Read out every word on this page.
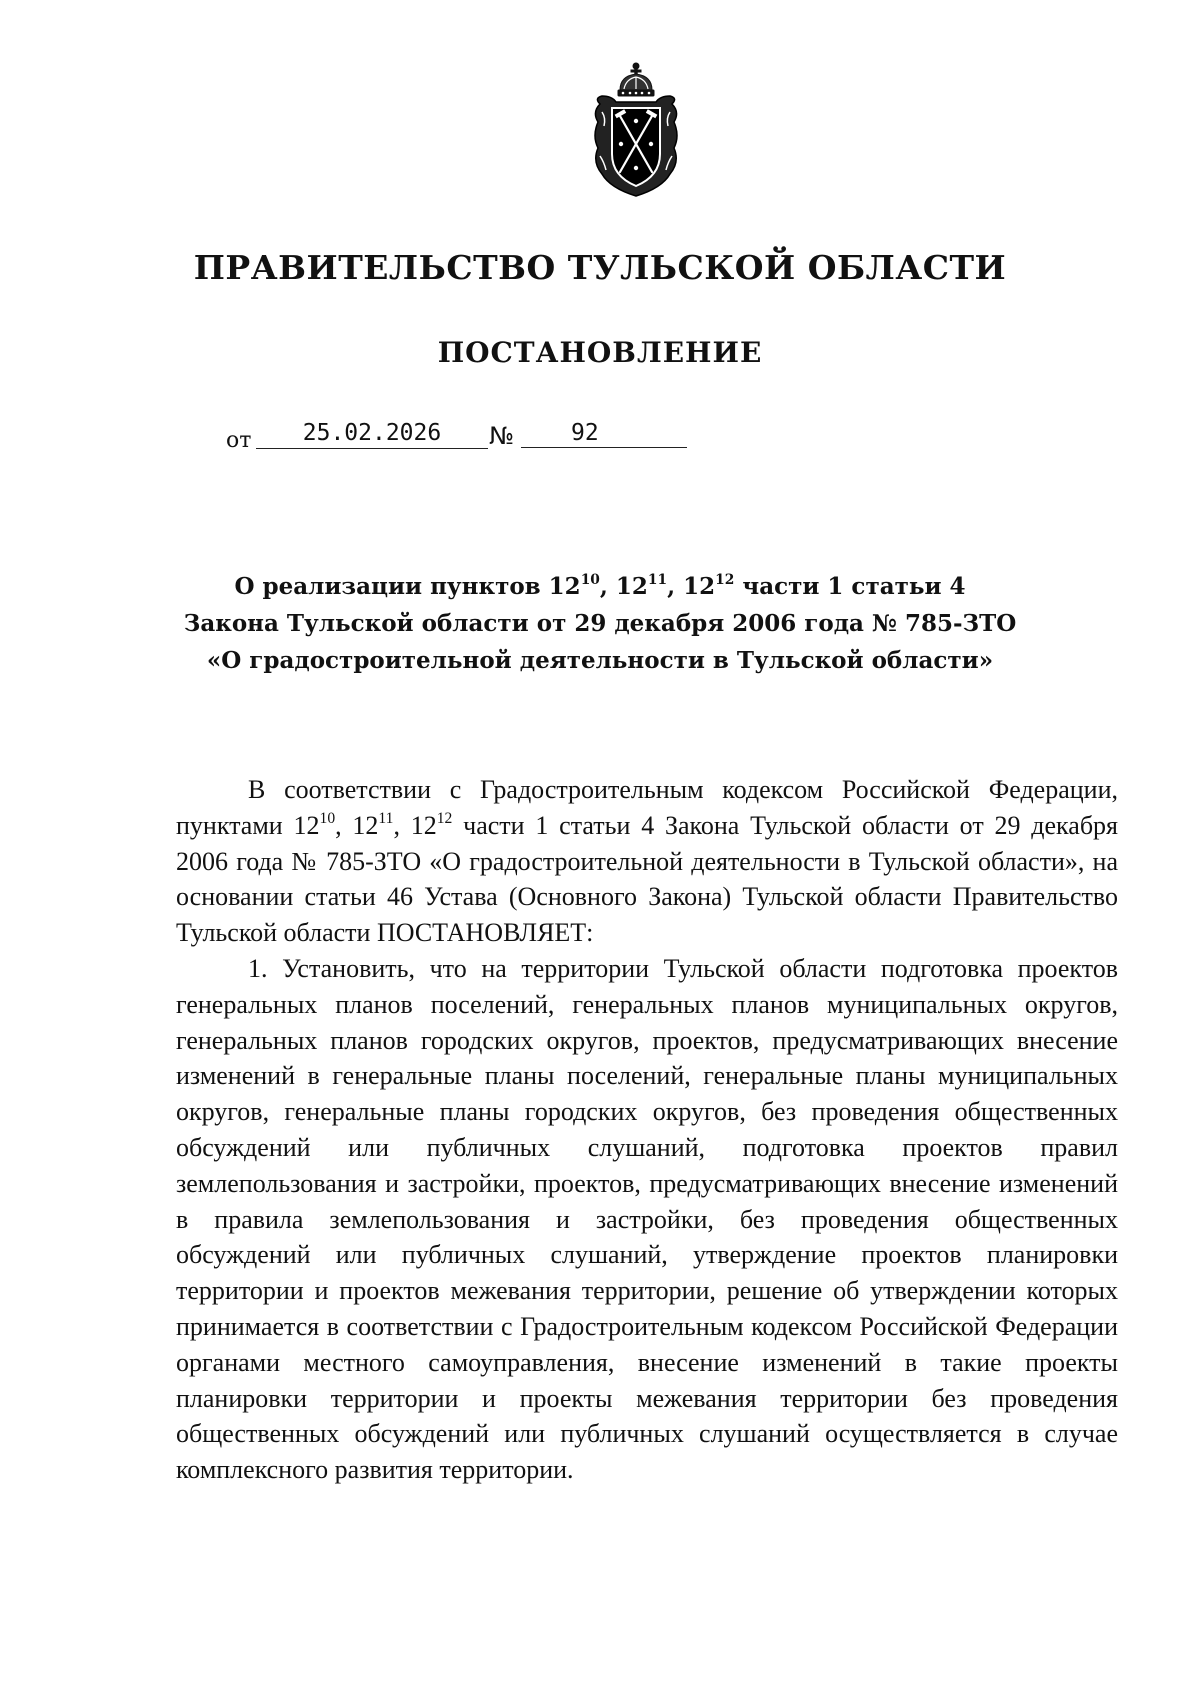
ПРАВИТЕЛЬСТВО ТУЛЬСКОЙ ОБЛАСТИ
ПОСТАНОВЛЕНИЕ
от	25.02.2026	№	92
О реализации пунктов $12^{10}$, $12^{11}$, $12^{12}$ части 1 статьи 4
Закона Тульской области от 29 декабря 2006 года № 785-ЗТО
«О градостроительной деятельности в Тульской области»

В соответствии с Градостроительным кодексом Российской Федерации, пунктами $12^{10}$, $12^{11}$, $12^{12}$ части 1 статьи 4 Закона Тульской области от 29 декабря 2006 года № 785-ЗТО «О градостроительной деятельности в Тульской области», на основании статьи 46 Устава (Основного Закона) Тульской области Правительство Тульской области ПОСТАНОВЛЯЕТ:

1. Установить, что на территории Тульской области подготовка проектов генеральных планов поселений, генеральных планов муниципальных округов, генеральных планов городских округов, проектов, предусматривающих внесение изменений в генеральные планы поселений, генеральные планы муниципальных округов, генеральные планы городских округов, без проведения общественных обсуждений или публичных слушаний, подготовка проектов правил землепользования и застройки, проектов, предусматривающих внесение изменений в правила землепользования и застройки, без проведения общественных обсуждений или публичных слушаний, утверждение проектов планировки территории и проектов межевания территории, решение об утверждении которых принимается в соответствии с Градостроительным кодексом Российской Федерации органами местного самоуправления, внесение изменений в такие проекты планировки территории и проекты межевания территории без проведения общественных обсуждений или публичных слушаний осуществляется в случае комплексного развития территории.
